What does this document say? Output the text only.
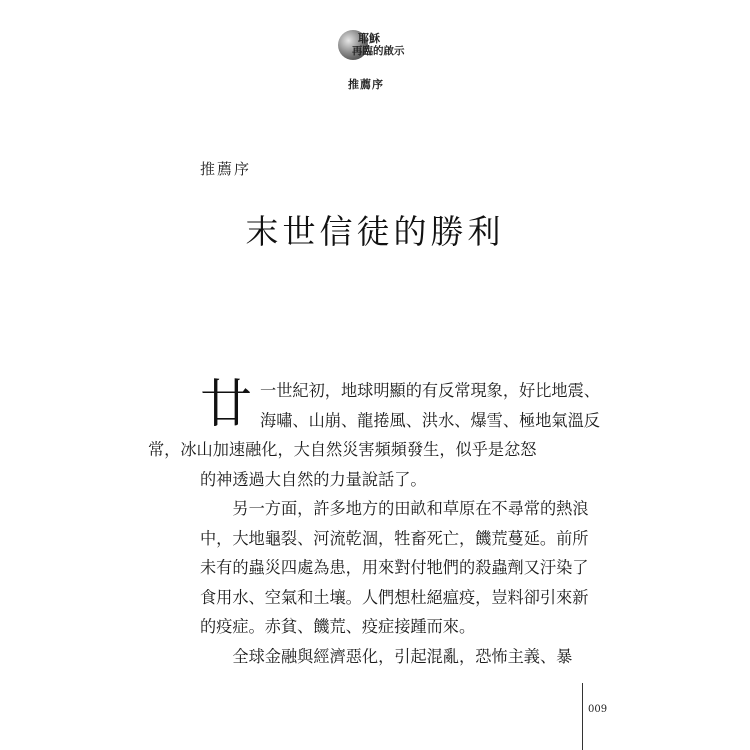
耶穌
再臨的啟示
推薦序
推薦序
末世信徒的勝利
廿 一世紀初，地球明顯的有反常現象，好比地震、
海嘯、山崩、龍捲風、洪水、爆雪、極地氣溫反
常，冰山加速融化，大自然災害頻頻發生，似乎是忿怒
的神透過大自然的力量說話了。

另一方面，許多地方的田畝和草原在不尋常的熱浪
中，大地龜裂、河流乾涸，牲畜死亡，饑荒蔓延。前所
未有的蟲災四處為患，用來對付牠們的殺蟲劑又汙染了
食用水、空氣和土壤。人們想杜絕瘟疫，豈料卻引來新
的疫症。赤貧、饑荒、疫症接踵而來。

全球金融與經濟惡化，引起混亂，恐怖主義、暴

009
